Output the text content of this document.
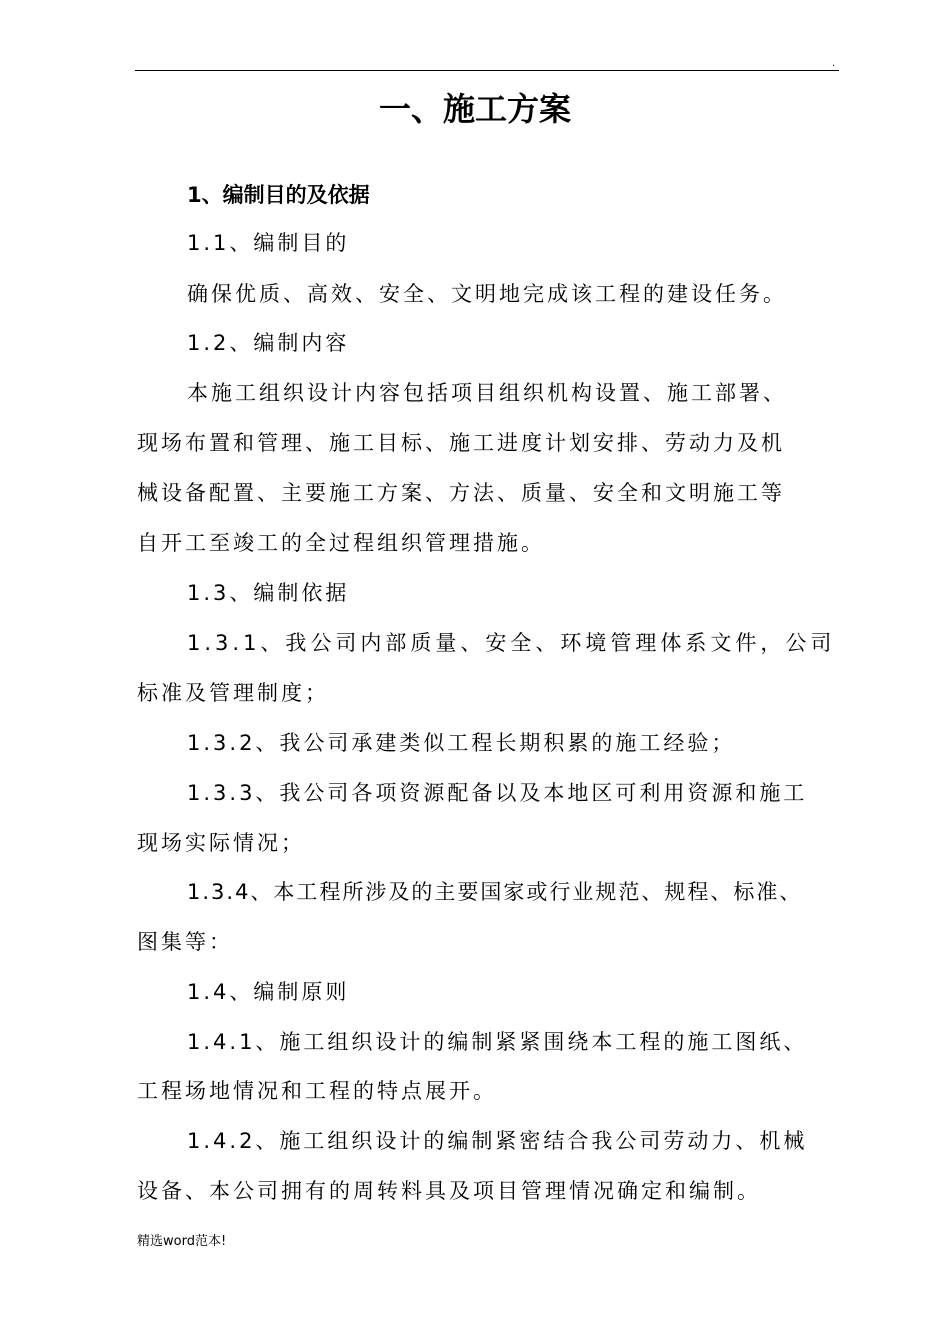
.
一、施工方案
1、编制目的及依据
1.1、编制目的
确保优质、高效、安全、文明地完成该工程的建设任务。
1.2、编制内容
本施工组织设计内容包括项目组织机构设置、施工部署、
现场布置和管理、施工目标、施工进度计划安排、劳动力及机
械设备配置、主要施工方案、方法、质量、安全和文明施工等
自开工至竣工的全过程组织管理措施。
1.3、编制依据
1.3.1、我公司内部质量、安全、环境管理体系文件，公司
标准及管理制度；
1.3.2、我公司承建类似工程长期积累的施工经验；
1.3.3、我公司各项资源配备以及本地区可利用资源和施工
现场实际情况；
1.3.4、本工程所涉及的主要国家或行业规范、规程、标准、
图集等：
1.4、编制原则
1.4.1、施工组织设计的编制紧紧围绕本工程的施工图纸、
工程场地情况和工程的特点展开。
1.4.2、施工组织设计的编制紧密结合我公司劳动力、机械
设备、本公司拥有的周转料具及项目管理情况确定和编制。
精选word范本!
